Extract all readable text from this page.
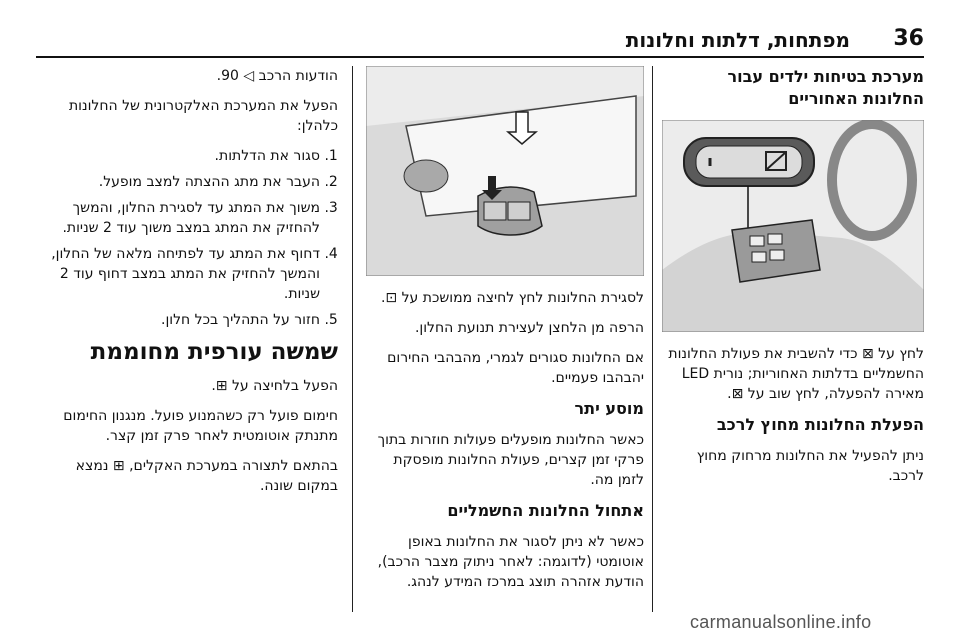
36
מפתחות, דלתות וחלונות
מערכת בטיחות ילדים עבור החלונות האחוריים

לחץ על ⊠ כדי להשבית את פעולת החלונות החשמליים בדלתות האחוריות; נורית LED מאירה להפעלה, לחץ שוב על ⊠.

הפעלת החלונות מחוץ לרכב

ניתן להפעיל את החלונות מרחוק מחוץ לרכב.

לסגירת החלונות לחץ לחיצה ממושכת על ⊡.

הרפה מן הלחצן לעצירת תנועת החלון.

אם החלונות סגורים לגמרי, מהבהבי החירום יהבהבו פעמיים.

מוסע יתר

כאשר החלונות מופעלים פעולות חוזרות בתוך פרקי זמן קצרים, פעולת החלונות מופסקת לזמן מה.

אתחול החלונות החשמליים

כאשר לא ניתן לסגור את החלונות באופן אוטומטי (לדוגמה: לאחר ניתוק מצבר הרכב), הודעת אזהרה תוצג במרכז המידע לנהג.

הודעות הרכב ◁ 90.

הפעל את המערכת האלקטרונית של החלונות כלהלן:

1. סגור את הדלתות.
2. העבר את מתג ההצתה למצב מופעל.
3. משוך את המתג עד לסגירת החלון, והמשך להחזיק את המתג במצב משוך עוד 2 שניות.
4. דחוף את המתג עד לפתיחה מלאה של החלון, והמשך להחזיק את המתג במצב דחוף עוד 2 שניות.
5. חזור על התהליך בכל חלון.
שמשה עורפית מחוממת

הפעל בלחיצה על ⊞.

חימום פועל רק כשהמנוע פועל. מנגנון החימום מתנתק אוטומטית לאחר פרק זמן קצר.

בהתאם לתצורה במערכת האקלים, ⊞ נמצא במקום שונה.

carmanualsonline.info
